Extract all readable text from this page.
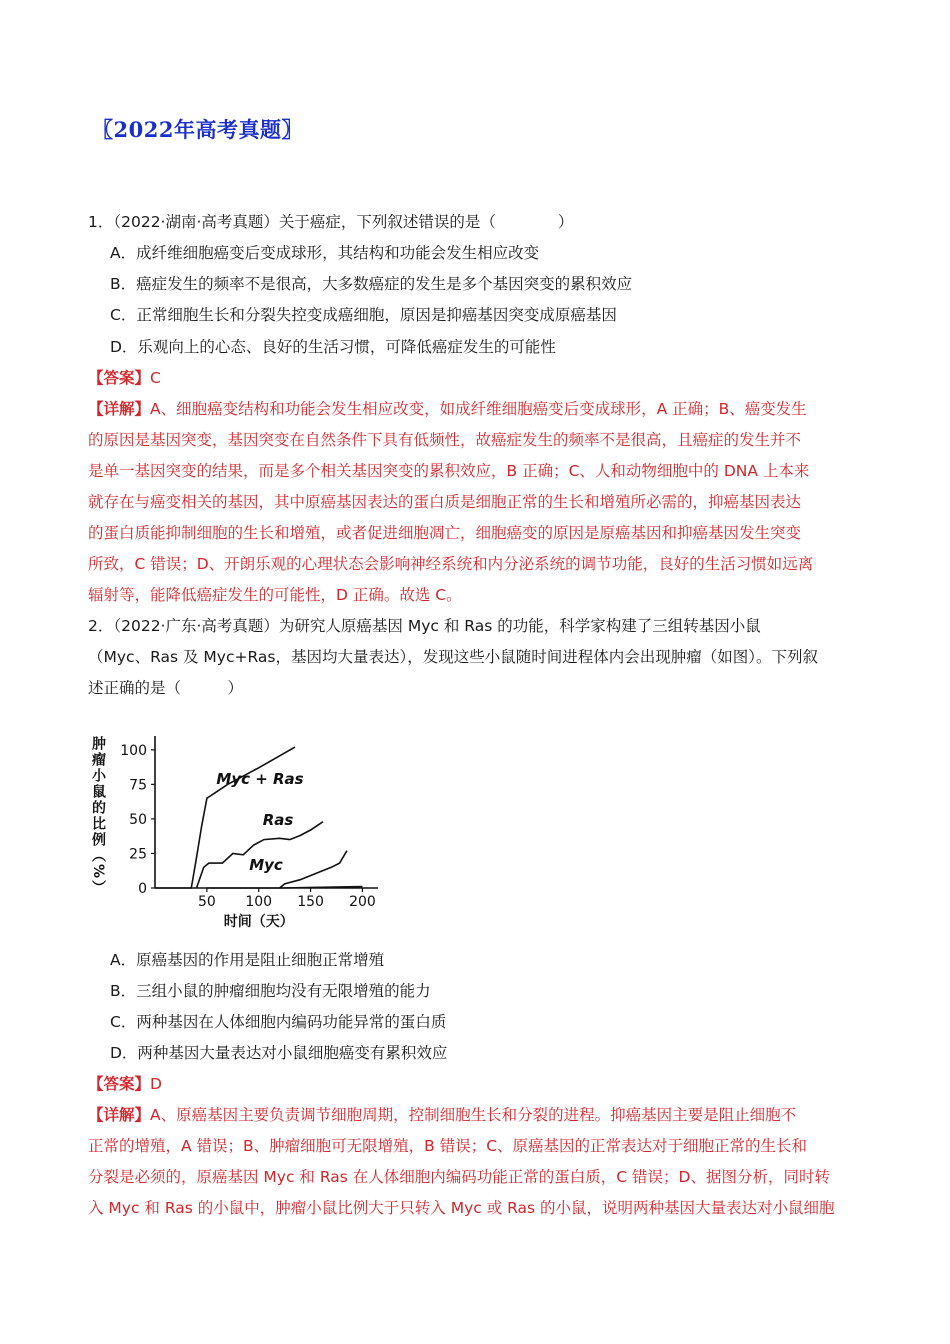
〖2022年高考真题〗
1．（2022·湖南·高考真题）关于癌症，下列叙述错误的是（　　　　）
A．成纤维细胞癌变后变成球形，其结构和功能会发生相应改变
B．癌症发生的频率不是很高，大多数癌症的发生是多个基因突变的累积效应
C．正常细胞生长和分裂失控变成癌细胞，原因是抑癌基因突变成原癌基因
D．乐观向上的心态、良好的生活习惯，可降低癌症发生的可能性
【答案】C
【详解】A、细胞癌变结构和功能会发生相应改变，如成纤维细胞癌变后变成球形，A 正确；B、癌变发生
的原因是基因突变，基因突变在自然条件下具有低频性，故癌症发生的频率不是很高，且癌症的发生并不
是单一基因突变的结果，而是多个相关基因突变的累积效应，B 正确；C、人和动物细胞中的 DNA 上本来
就存在与癌变相关的基因，其中原癌基因表达的蛋白质是细胞正常的生长和增殖所必需的，抑癌基因表达
的蛋白质能抑制细胞的生长和增殖，或者促进细胞凋亡，细胞癌变的原因是原癌基因和抑癌基因发生突变
所致，C 错误；D、开朗乐观的心理状态会影响神经系统和内分泌系统的调节功能，良好的生活习惯如远离
辐射等，能降低癌症发生的可能性，D 正确。故选 C。
2．（2022·广东·高考真题）为研究人原癌基因 Myc 和 Ras 的功能，科学家构建了三组转基因小鼠
（Myc、Ras 及 Myc+Ras，基因均大量表达），发现这些小鼠随时间进程体内会出现肿瘤（如图）。下列叙
述正确的是（　　　）
0
25
50
75
100
50 100 150 200
Myc + Ras
Ras
Myc
肿瘤小鼠的比例（%）
时间（天）
A．原癌基因的作用是阻止细胞正常增殖
B．三组小鼠的肿瘤细胞均没有无限增殖的能力
C．两种基因在人体细胞内编码功能异常的蛋白质
D．两种基因大量表达对小鼠细胞癌变有累积效应
【答案】D
【详解】A、原癌基因主要负责调节细胞周期，控制细胞生长和分裂的进程。抑癌基因主要是阻止细胞不
正常的增殖，A 错误；B、肿瘤细胞可无限增殖，B 错误；C、原癌基因的正常表达对于细胞正常的生长和
分裂是必须的，原癌基因 Myc 和 Ras 在人体细胞内编码功能正常的蛋白质，C 错误；D、据图分析，同时转
入 Myc 和 Ras 的小鼠中，肿瘤小鼠比例大于只转入 Myc 或 Ras 的小鼠，说明两种基因大量表达对小鼠细胞
